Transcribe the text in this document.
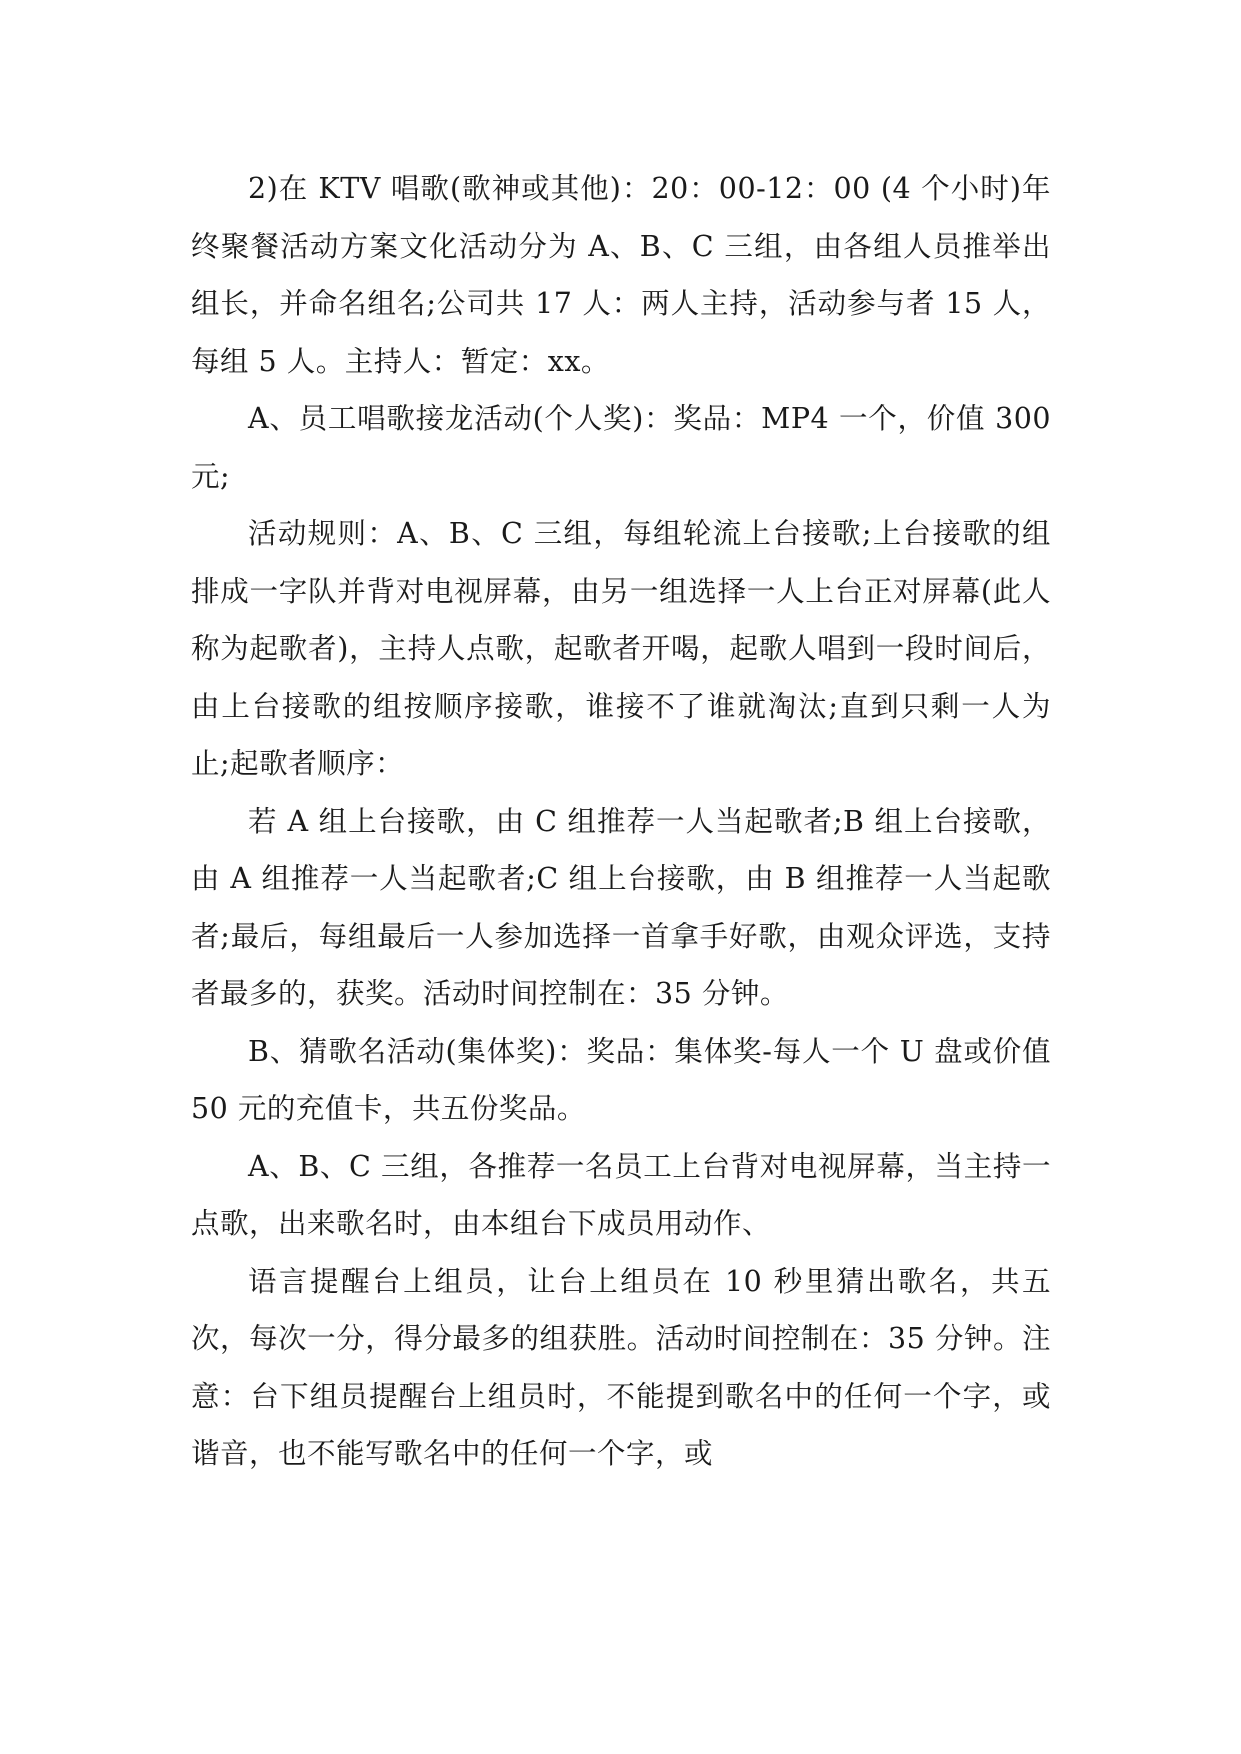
2)在 KTV 唱歌(歌神或其他)：20：00-12：00 (4 个小时)年终聚餐活动方案文化活动分为 A、B、C 三组，由各组人员推举出组长，并命名组名;公司共 17 人：两人主持，活动参与者 15 人，每组 5 人。主持人：暂定：xx。

A、员工唱歌接龙活动(个人奖)：奖品：MP4 一个，价值 300 元;

活动规则：A、B、C 三组，每组轮流上台接歌;上台接歌的组排成一字队并背对电视屏幕，由另一组选择一人上台正对屏幕(此人称为起歌者)，主持人点歌，起歌者开喝，起歌人唱到一段时间后，由上台接歌的组按顺序接歌，谁接不了谁就淘汰;直到只剩一人为止;起歌者顺序：

若 A 组上台接歌，由 C 组推荐一人当起歌者;B 组上台接歌，由 A 组推荐一人当起歌者;C 组上台接歌，由 B 组推荐一人当起歌者;最后，每组最后一人参加选择一首拿手好歌，由观众评选，支持者最多的，获奖。活动时间控制在：35 分钟。

B、猜歌名活动(集体奖)：奖品：集体奖-每人一个 U 盘或价值 50 元的充值卡，共五份奖品。

A、B、C 三组，各推荐一名员工上台背对电视屏幕，当主持一点歌，出来歌名时，由本组台下成员用动作、

语言提醒台上组员，让台上组员在 10 秒里猜出歌名，共五次，每次一分，得分最多的组获胜。活动时间控制在：35 分钟。注意：台下组员提醒台上组员时，不能提到歌名中的任何一个字，或谐音，也不能写歌名中的任何一个字，或
